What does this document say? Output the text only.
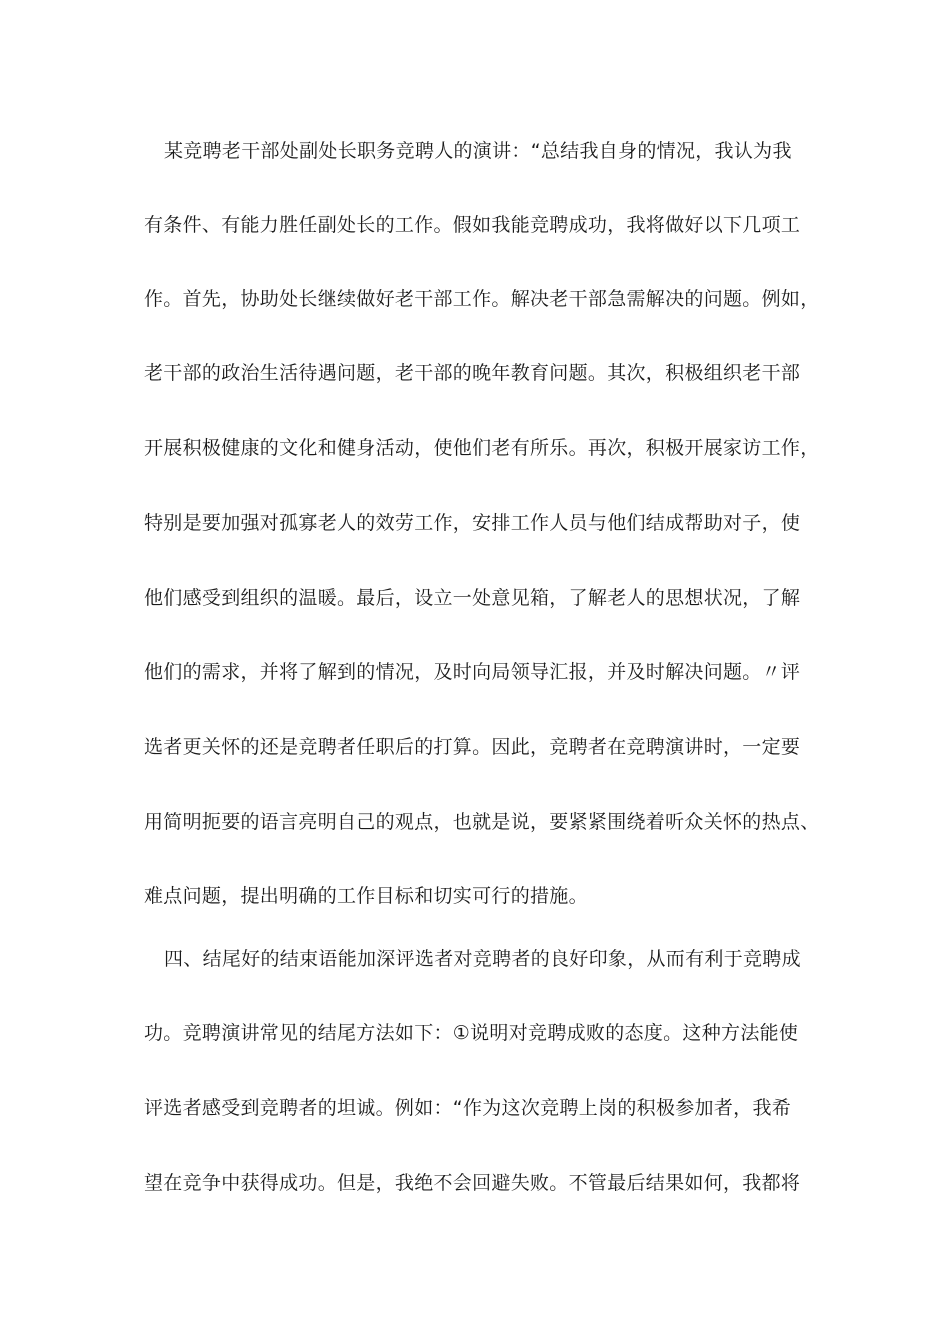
某竞聘老干部处副处长职务竞聘人的演讲：“总结我自身的情况，我认为我
有条件、有能力胜任副处长的工作。假如我能竞聘成功，我将做好以下几项工
作。首先，协助处长继续做好老干部工作。解决老干部急需解决的问题。例如，
老干部的政治生活待遇问题，老干部的晚年教育问题。其次，积极组织老干部
开展积极健康的文化和健身活动，使他们老有所乐。再次，积极开展家访工作，
特别是要加强对孤寡老人的效劳工作，安排工作人员与他们结成帮助对子，使
他们感受到组织的温暖。最后，设立一处意见箱，了解老人的思想状况，了解
他们的需求，并将了解到的情况，及时向局领导汇报，并及时解决问题。〃评
选者更关怀的还是竞聘者任职后的打算。因此，竞聘者在竞聘演讲时，一定要
用简明扼要的语言亮明自己的观点，也就是说，要紧紧围绕着听众关怀的热点、
难点问题，提出明确的工作目标和切实可行的措施。
四、结尾好的结束语能加深评选者对竞聘者的良好印象，从而有利于竞聘成
功。竞聘演讲常见的结尾方法如下：①说明对竞聘成败的态度。这种方法能使
评选者感受到竞聘者的坦诚。例如：“作为这次竞聘上岗的积极参加者，我希
望在竞争中获得成功。但是，我绝不会回避失败。不管最后结果如何，我都将
